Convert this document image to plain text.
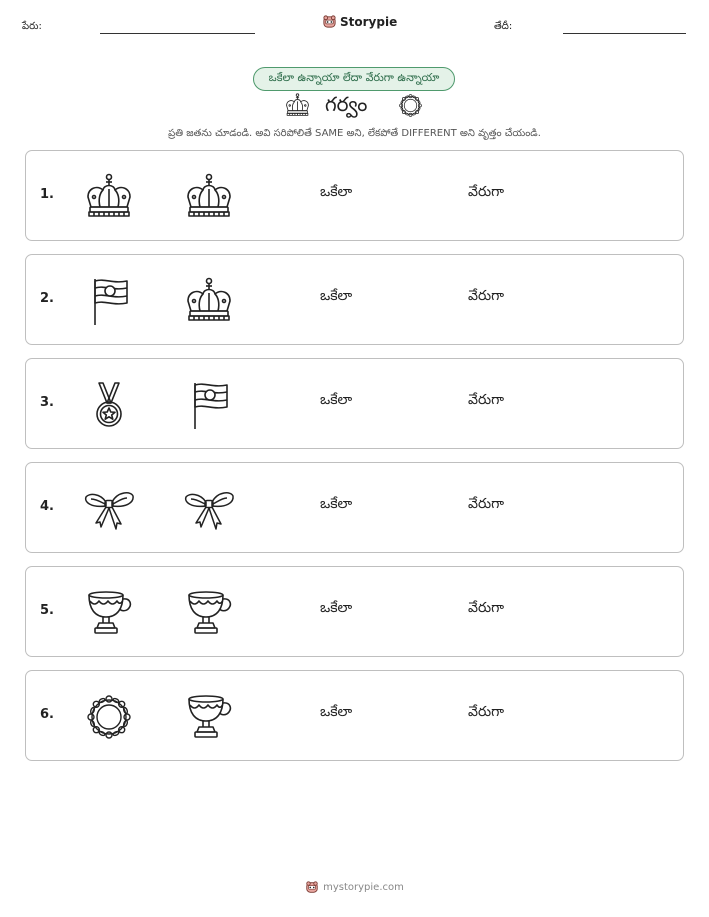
పేరు:	Storypie	తేదీ:
ఒకేలా ఉన్నాయా లేదా వేరుగా ఉన్నాయా
గర్వం
ప్రతి జతను చూడండి. అవి సరిపోలితే SAME అని, లేకపోతే DIFFERENT అని వృత్తం చేయండి.
1.	ఒకేలా	వేరుగా
2.	ఒకేలా	వేరుగా
3.	ఒకేలా	వేరుగా
4.	ఒకేలా	వేరుగా
5.	ఒకేలా	వేరుగా
6.	ఒకేలా	వేరుగా
mystorypie.com
